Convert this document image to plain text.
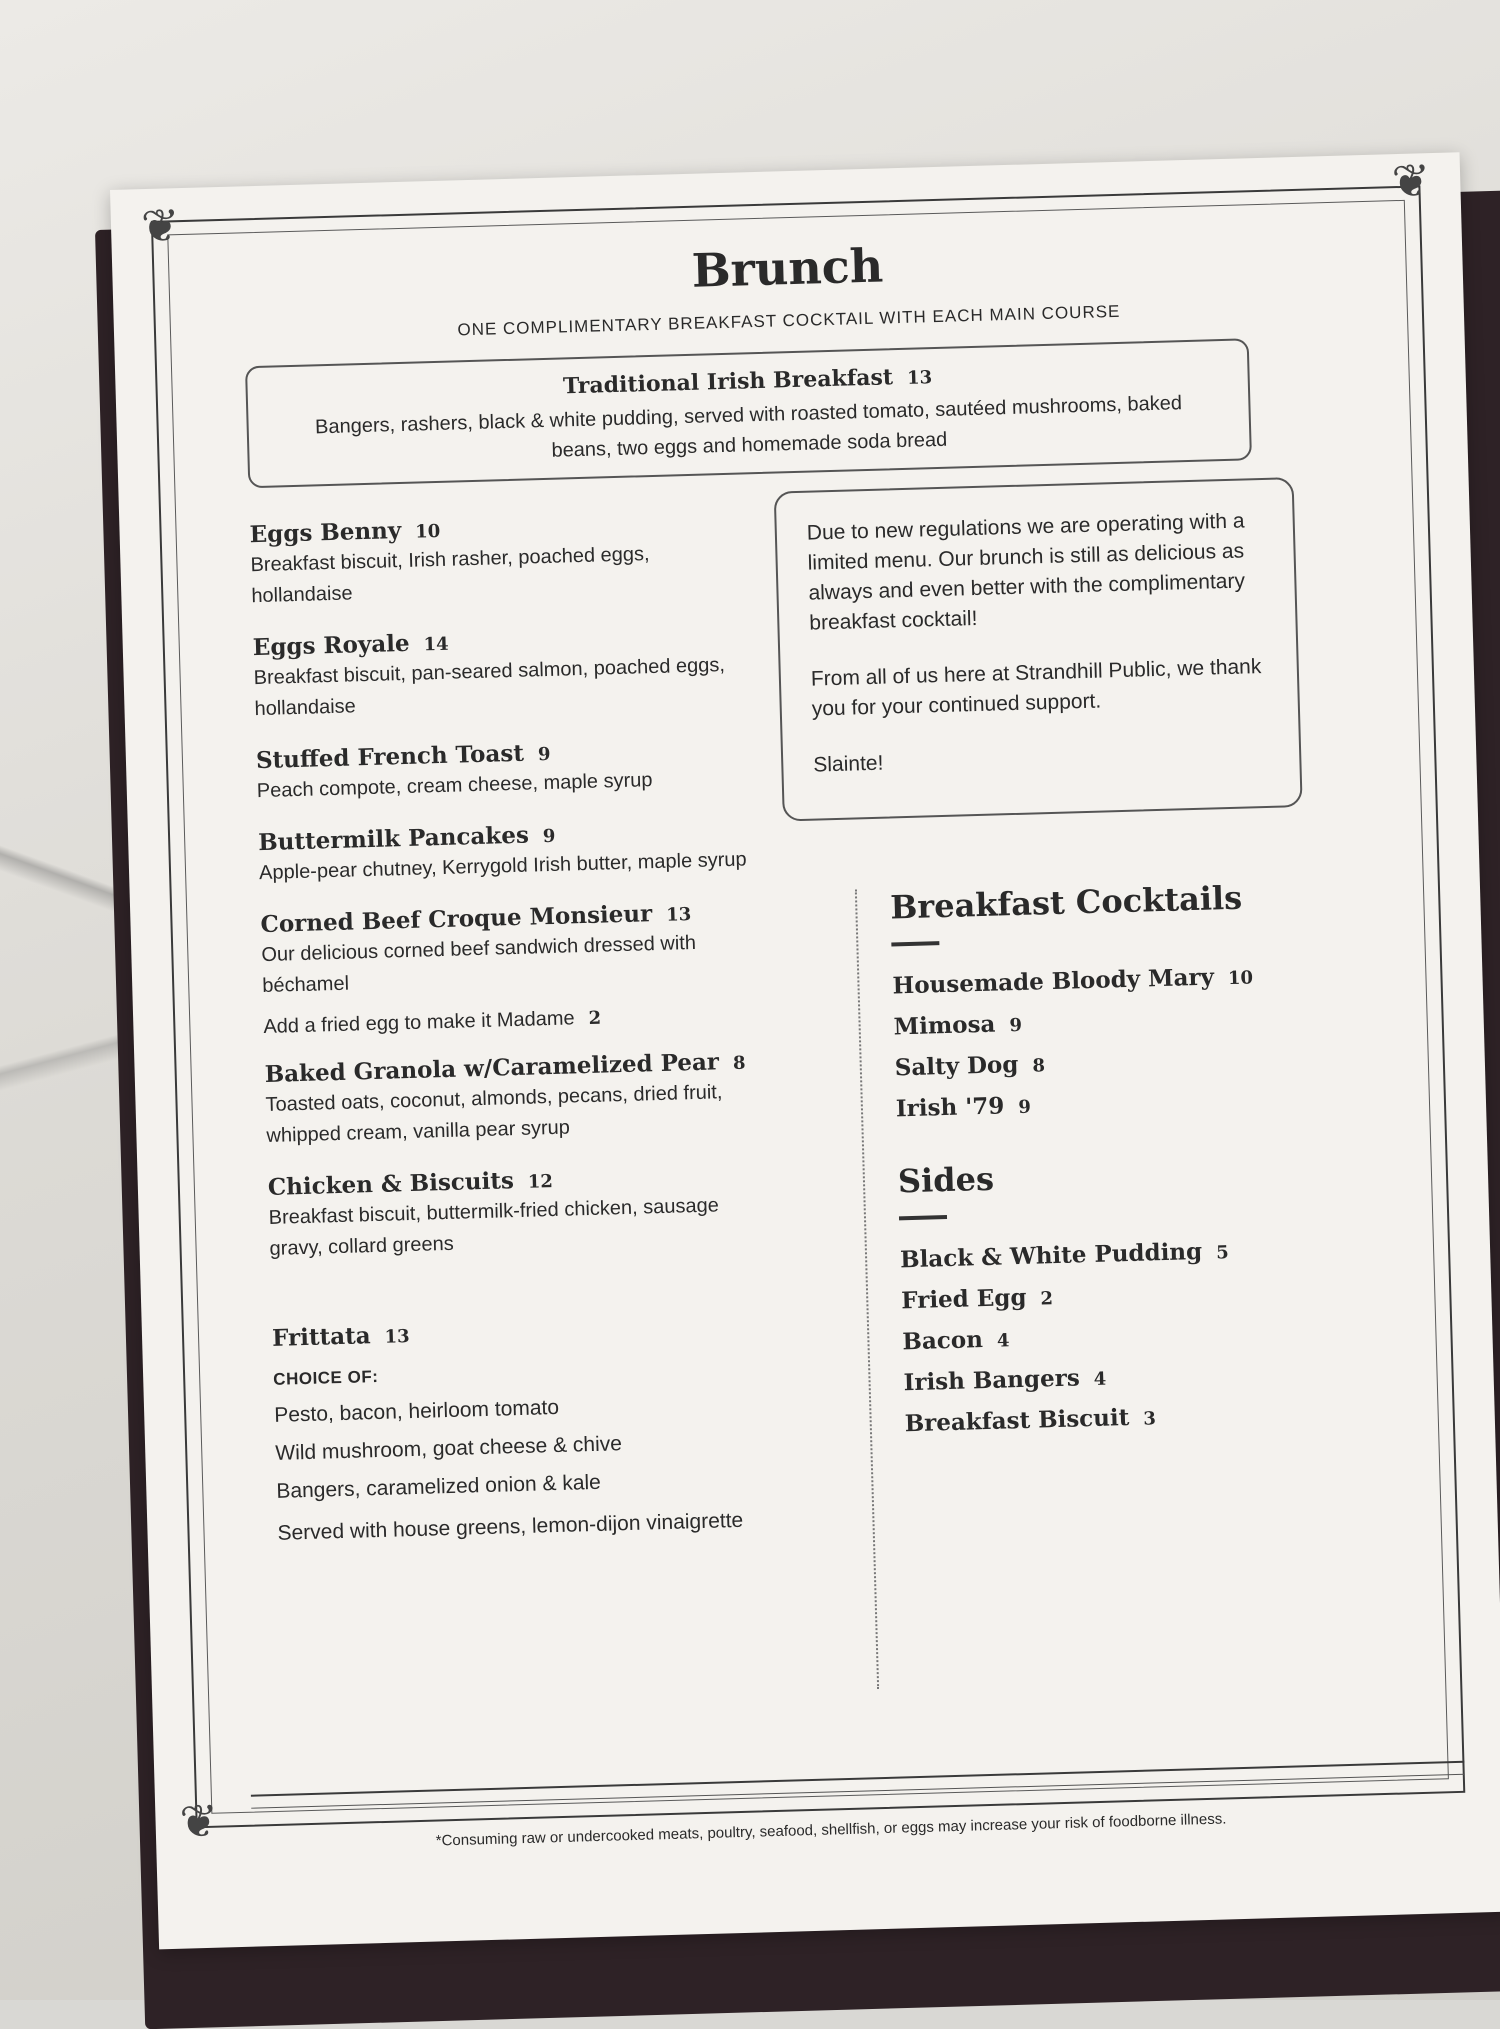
❦
❦
❦
Brunch
ONE COMPLIMENTARY BREAKFAST COCKTAIL WITH EACH MAIN COURSE
Traditional Irish Breakfast 13
Bangers, rashers, black & white pudding, served with roasted tomato, sautéed mushrooms, baked beans, two eggs and homemade soda bread
Eggs Benny 10
Breakfast biscuit, Irish rasher, poached eggs, hollandaise
Eggs Royale 14
Breakfast biscuit, pan-seared salmon, poached eggs, hollandaise
Stuffed French Toast 9
Peach compote, cream cheese, maple syrup
Buttermilk Pancakes 9
Apple-pear chutney, Kerrygold Irish butter, maple syrup
Corned Beef Croque Monsieur 13
Our delicious corned beef sandwich dressed with béchamel
Add a fried egg to make it Madame 2
Baked Granola w/Caramelized Pear 8
Toasted oats, coconut, almonds, pecans, dried fruit, whipped cream, vanilla pear syrup
Chicken & Biscuits 12
Breakfast biscuit, buttermilk-fried chicken, sausage gravy, collard greens
Frittata 13
CHOICE OF:
Pesto, bacon, heirloom tomato
Wild mushroom, goat cheese & chive
Bangers, caramelized onion & kale
Served with house greens, lemon-dijon vinaigrette

Due to new regulations we are operating with a limited menu. Our brunch is still as delicious as always and even better with the complimentary breakfast cocktail!

From all of us here at Strandhill Public, we thank you for your continued support.

Slainte!

Breakfast Cocktails
Housemade Bloody Mary 10
Mimosa 9
Salty Dog 8
Irish '79 9
Sides
Black & White Pudding 5
Fried Egg 2
Bacon 4
Irish Bangers 4
Breakfast Biscuit 3
*Consuming raw or undercooked meats, poultry, seafood, shellfish, or eggs may increase your risk of foodborne illness.
